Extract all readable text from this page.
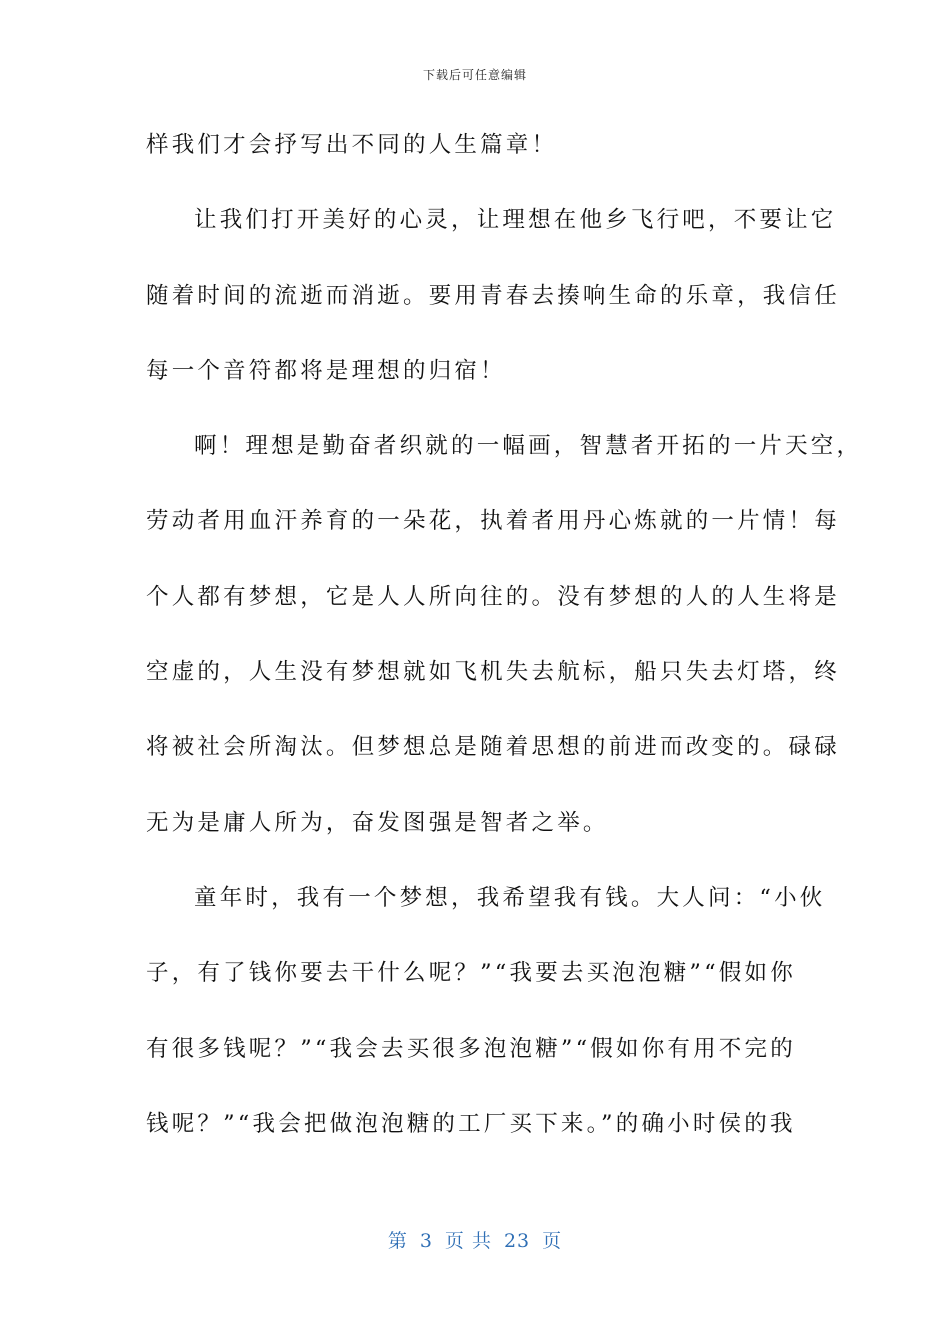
下载后可任意编辑
样我们才会抒写出不同的人生篇章！
让我们打开美好的心灵，让理想在他乡飞行吧，不要让它
随着时间的流逝而消逝。要用青春去揍响生命的乐章，我信任
每一个音符都将是理想的归宿！
啊！理想是勤奋者织就的一幅画，智慧者开拓的一片天空，
劳动者用血汗养育的一朵花，执着者用丹心炼就的一片情！每
个人都有梦想，它是人人所向往的。没有梦想的人的人生将是
空虚的，人生没有梦想就如飞机失去航标，船只失去灯塔，终
将被社会所淘汰。但梦想总是随着思想的前进而改变的。碌碌
无为是庸人所为，奋发图强是智者之举。
童年时，我有一个梦想，我希望我有钱。大人问：“小伙
子，有了钱你要去干什么呢？”“我要去买泡泡糖”“假如你
有很多钱呢？”“我会去买很多泡泡糖”“假如你有用不完的
钱呢？”“我会把做泡泡糖的工厂买下来。”的确小时侯的我
第 3 页 共 23 页
